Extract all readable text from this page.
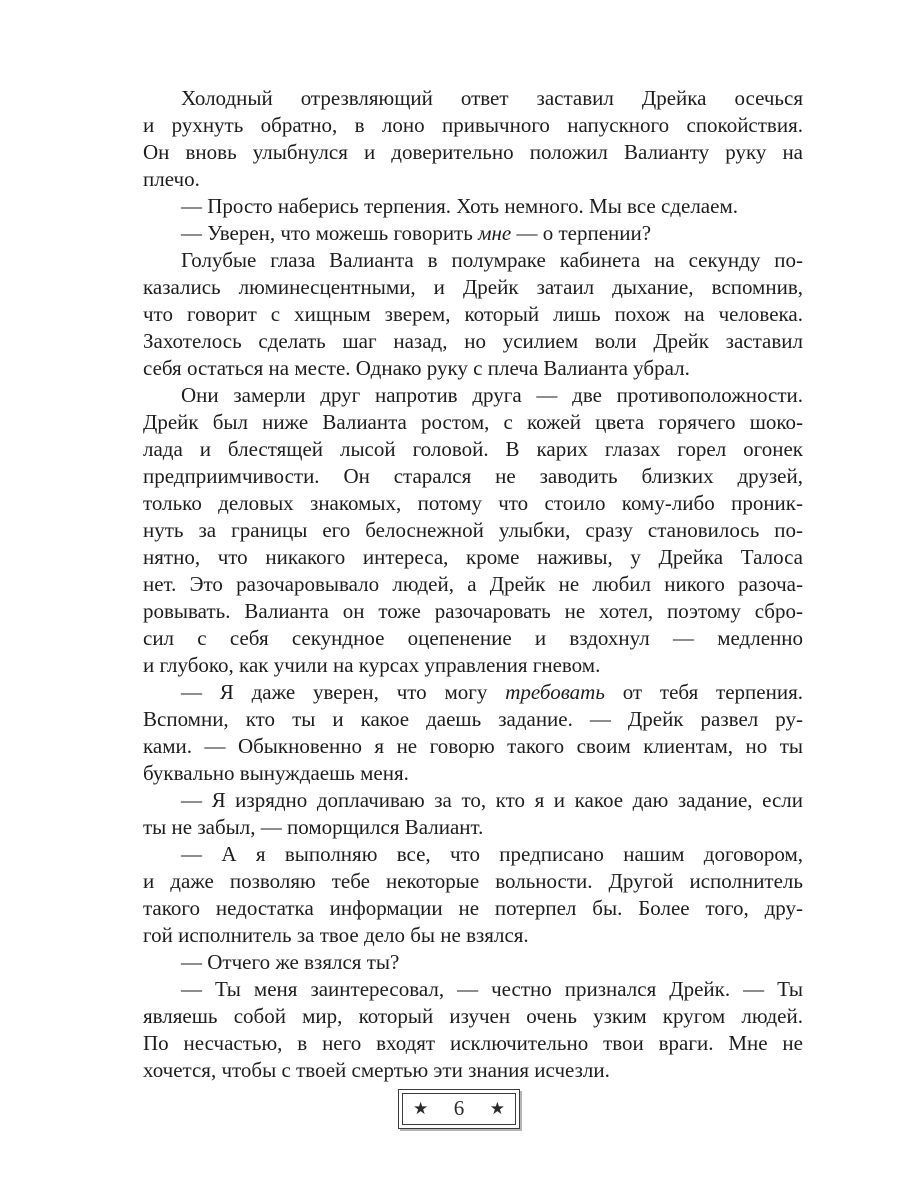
Холодный отрезвляющий ответ заставил Дрейка осечься
и рухнуть обратно, в лоно привычного напускного спокойствия.
Он вновь улыбнулся и доверительно положил Валианту руку на
плечо.
— Просто наберись терпения. Хоть немного. Мы все сделаем.
— Уверен, что можешь говорить мне — о терпении?
Голубые глаза Валианта в полумраке кабинета на секунду по-
казались люминесцентными, и Дрейк затаил дыхание, вспомнив,
что говорит с хищным зверем, который лишь похож на человека.
Захотелось сделать шаг назад, но усилием воли Дрейк заставил
себя остаться на месте. Однако руку с плеча Валианта убрал.
Они замерли друг напротив друга — две противоположности.
Дрейк был ниже Валианта ростом, с кожей цвета горячего шоко-
лада и блестящей лысой головой. В карих глазах горел огонек
предприимчивости. Он старался не заводить близких друзей,
только деловых знакомых, потому что стоило кому-либо проник-
нуть за границы его белоснежной улыбки, сразу становилось по-
нятно, что никакого интереса, кроме наживы, у Дрейка Талоса
нет. Это разочаровывало людей, а Дрейк не любил никого разоча-
ровывать. Валианта он тоже разочаровать не хотел, поэтому сбро-
сил с себя секундное оцепенение и вздохнул — медленно
и глубоко, как учили на курсах управления гневом.
— Я даже уверен, что могу требовать от тебя терпения.
Вспомни, кто ты и какое даешь задание. — Дрейк развел ру-
ками. — Обыкновенно я не говорю такого своим клиентам, но ты
буквально вынуждаешь меня.
— Я изрядно доплачиваю за то, кто я и какое даю задание, если
ты не забыл, — поморщился Валиант.
— А я выполняю все, что предписано нашим договором,
и даже позволяю тебе некоторые вольности. Другой исполнитель
такого недостатка информации не потерпел бы. Более того, дру-
гой исполнитель за твое дело бы не взялся.
— Отчего же взялся ты?
— Ты меня заинтересовал, — честно признался Дрейк. — Ты
являешь собой мир, который изучен очень узким кругом людей.
По несчастью, в него входят исключительно твои враги. Мне не
хочется, чтобы с твоей смертью эти знания исчезли.
★ 6 ★
